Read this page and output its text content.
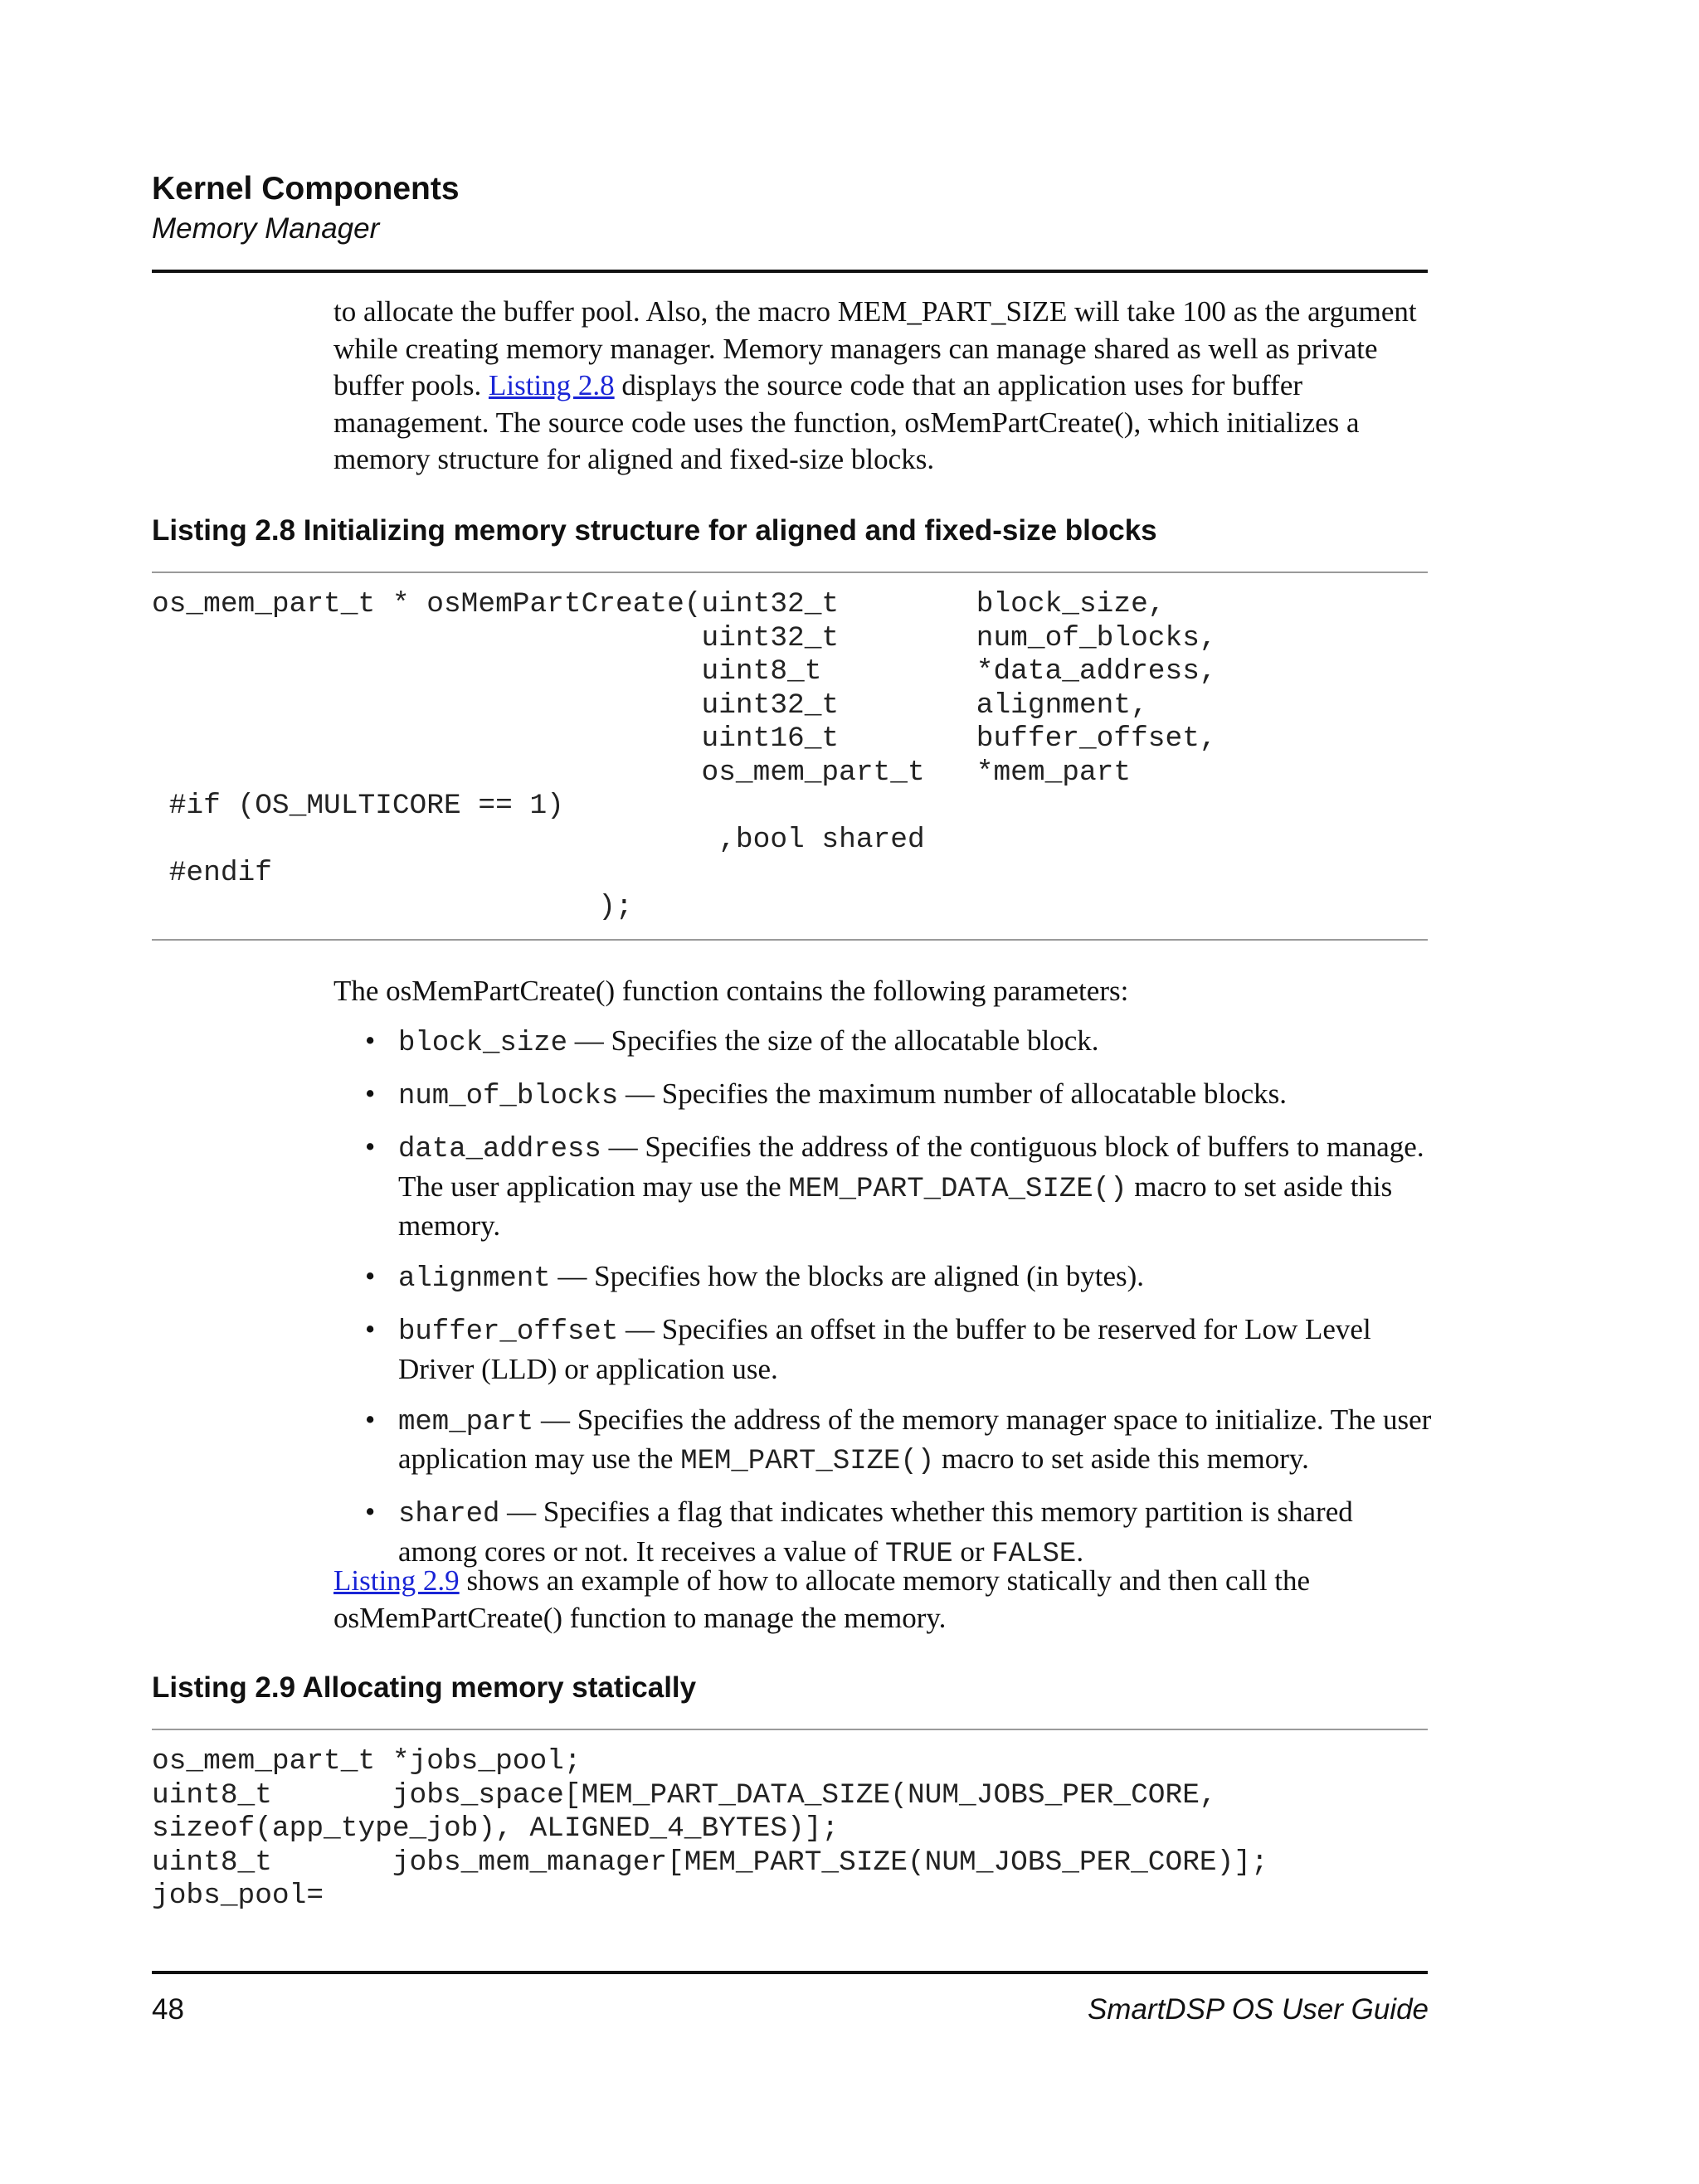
Kernel Components

Memory Manager

to allocate the buffer pool. Also, the macro MEM_PART_SIZE will take 100 as the argument while creating memory manager. Memory managers can manage shared as well as private buffer pools. Listing 2.8 displays the source code that an application uses for buffer management. The source code uses the function, osMemPartCreate(), which initializes a memory structure for aligned and fixed-size blocks.

Listing 2.8 Initializing memory structure for aligned and fixed-size blocks

os_mem_part_t * osMemPartCreate(uint32_t        block_size,
uint32_t        num_of_blocks,
uint8_t         *data_address,
uint32_t        alignment,
uint16_t        buffer_offset,
os_mem_part_t   *mem_part
#if (OS_MULTICORE == 1)
,bool shared
#endif
);

The osMemPartCreate() function contains the following parameters:

• block_size — Specifies the size of the allocatable block.
• num_of_blocks — Specifies the maximum number of allocatable blocks.
• data_address — Specifies the address of the contiguous block of buffers to manage. The user application may use the MEM_PART_DATA_SIZE() macro to set aside this memory.
• alignment — Specifies how the blocks are aligned (in bytes).
• buffer_offset — Specifies an offset in the buffer to be reserved for Low Level Driver (LLD) or application use.
• mem_part — Specifies the address of the memory manager space to initialize. The user application may use the MEM_PART_SIZE() macro to set aside this memory.
• shared — Specifies a flag that indicates whether this memory partition is shared among cores or not. It receives a value of TRUE or FALSE.

Listing 2.9 shows an example of how to allocate memory statically and then call the osMemPartCreate() function to manage the memory.

Listing 2.9 Allocating memory statically

os_mem_part_t *jobs_pool;
uint8_t       jobs_space[MEM_PART_DATA_SIZE(NUM_JOBS_PER_CORE,
sizeof(app_type_job), ALIGNED_4_BYTES)];
uint8_t       jobs_mem_manager[MEM_PART_SIZE(NUM_JOBS_PER_CORE)];
jobs_pool=

48	SmartDSP OS User Guide
